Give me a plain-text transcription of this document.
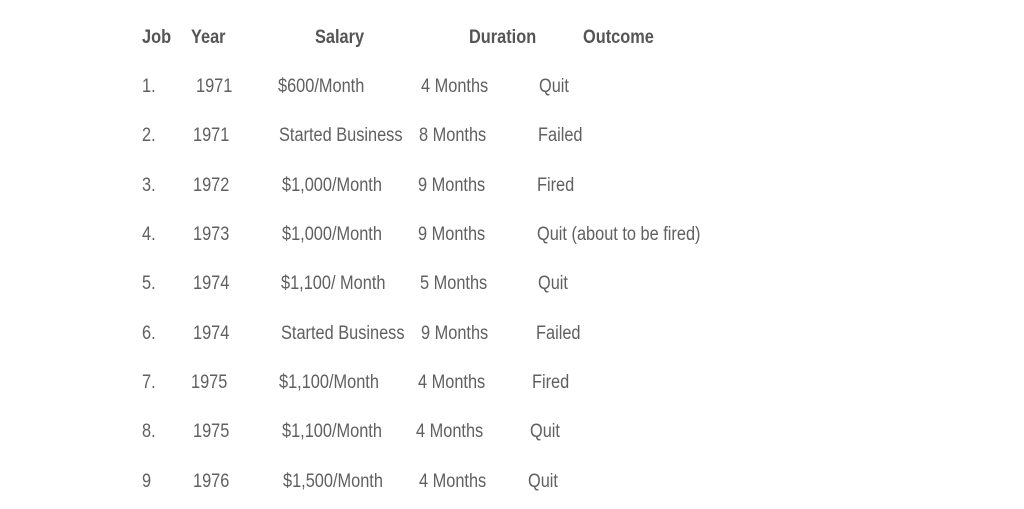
Job Year	Salary	Duration Outcome
1. 1971 $600/Month	4 Months	Quit
2. 1971	Started Business 8 Months	Failed
3. 1972	$1,000/Month 9 Months	Fired
4. 1973	$1,000/Month 9 Months	Quit (about to be fired)
5. 1974	$1,100/ Month 5 Months	Quit
6. 1974	Started Business 9 Months	Failed
7. 1975	$1,100/Month 4 Months Fired
8. 1975	$1,100/Month 4 Months Quit
9 1976	$1,500/Month 4 Months Quit
